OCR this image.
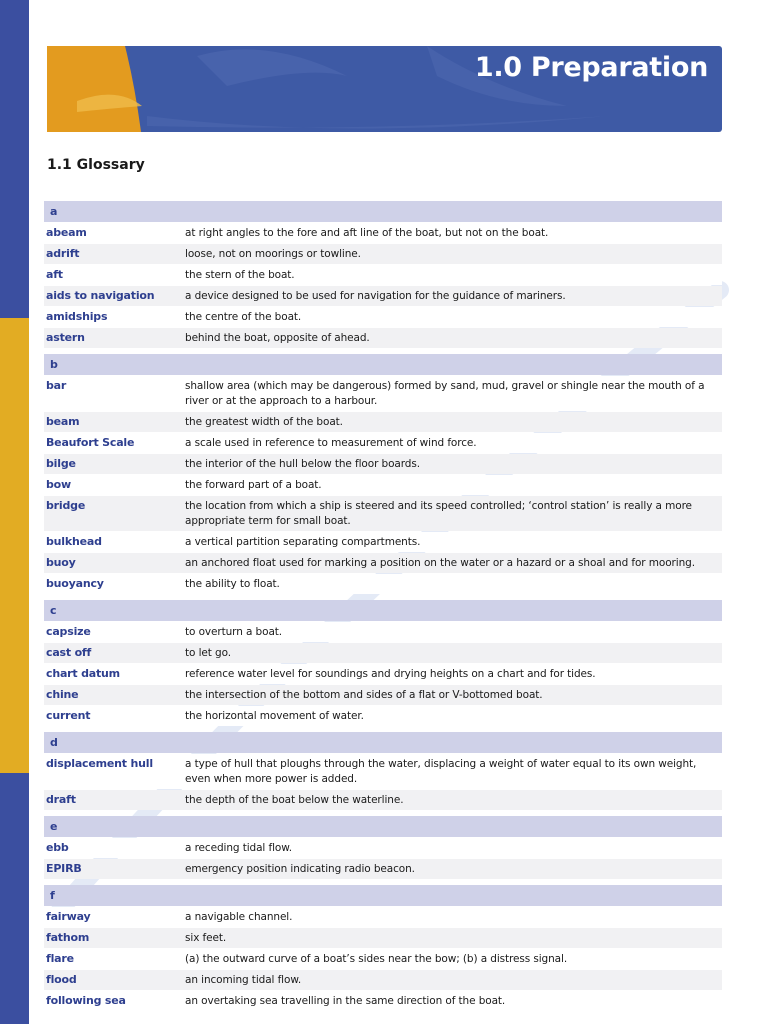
1.0 Preparation
1.1 Glossary
a
abeam	at right angles to the fore and aft line of the boat, but not on the boat.
adrift	loose, not on moorings or towline.
aft	the stern of the boat.
aids to navigation	a device designed to be used for navigation for the guidance of mariners.
amidships	the centre of the boat.
astern	behind the boat, opposite of ahead.
b
bar	shallow area (which may be dangerous) formed by sand, mud, gravel or shingle near the mouth of a river or at the approach to a harbour.
beam	the greatest width of the boat.
Beaufort Scale	a scale used in reference to measurement of wind force.
bilge	the interior of the hull below the floor boards.
bow	the forward part of a boat.
bridge	the location from which a ship is steered and its speed controlled; ‘control station’ is really a more appropriate term for small boat.
bulkhead	a vertical partition separating compartments.
buoy	an anchored float used for marking a position on the water or a hazard or a shoal and for mooring.
buoyancy	the ability to float.
c
capsize	to overturn a boat.
cast off	to let go.
chart datum	reference water level for soundings and drying heights on a chart and for tides.
chine	the intersection of the bottom and sides of a flat or V-bottomed boat.
current	the horizontal movement of water.
d
displacement hull	a type of hull that ploughs through the water, displacing a weight of water equal to its own weight, even when more power is added.
draft	the depth of the boat below the waterline.
e
ebb	a receding tidal flow.
EPIRB	emergency position indicating radio beacon.
f
fairway	a navigable channel.
fathom	six feet.
flare	(a) the outward curve of a boat’s sides near the bow; (b) a distress signal.
flood	an incoming tidal flow.
following sea	an overtaking sea travelling in the same direction of the boat.
